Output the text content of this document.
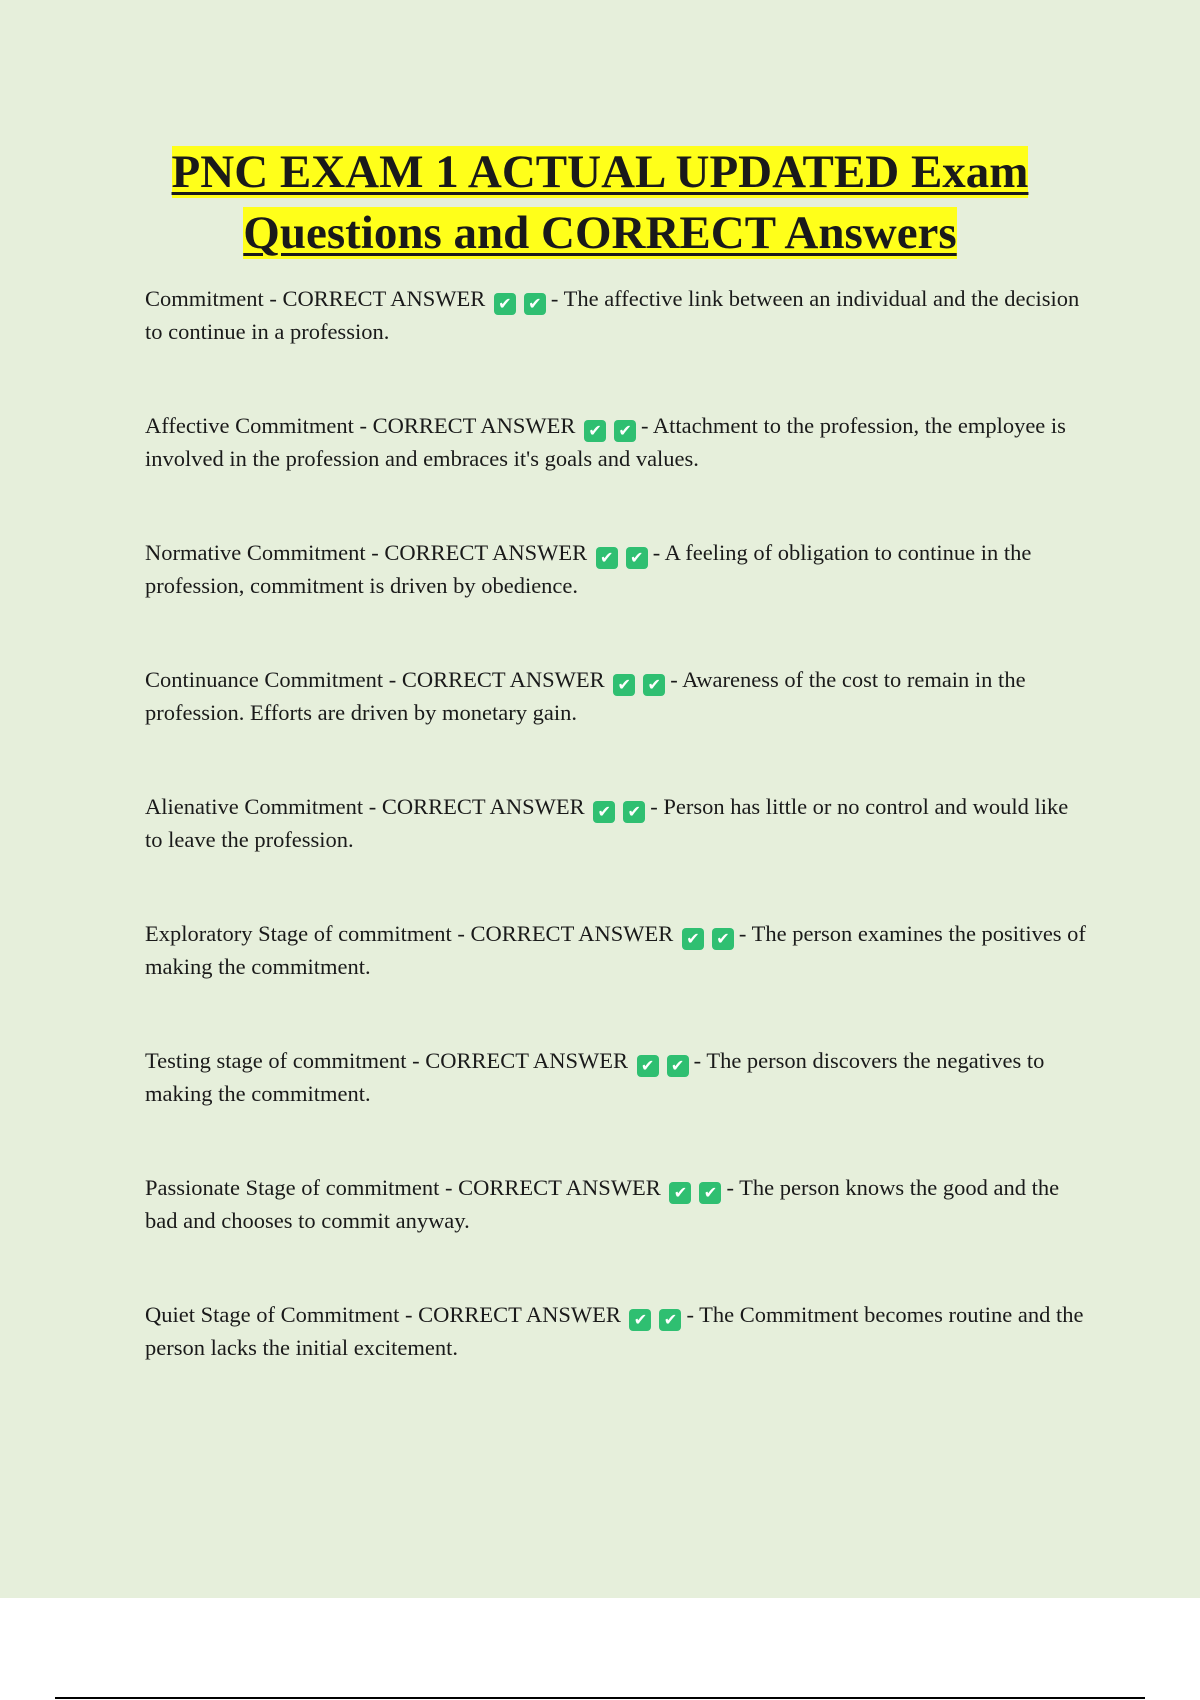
PNC EXAM 1 ACTUAL UPDATED Exam
Questions and CORRECT Answers

Commitment - CORRECT ANSWER ✔ ✔ - The affective link between an individual and the decision to continue in a profession.

Affective Commitment - CORRECT ANSWER ✔ ✔ - Attachment to the profession, the employee is involved in the profession and embraces it's goals and values.

Normative Commitment - CORRECT ANSWER ✔ ✔ - A feeling of obligation to continue in the profession, commitment is driven by obedience.

Continuance Commitment - CORRECT ANSWER ✔ ✔ - Awareness of the cost to remain in the profession. Efforts are driven by monetary gain.

Alienative Commitment - CORRECT ANSWER ✔ ✔ - Person has little or no control and would like to leave the profession.

Exploratory Stage of commitment - CORRECT ANSWER ✔ ✔ - The person examines the positives of making the commitment.

Testing stage of commitment - CORRECT ANSWER ✔ ✔ - The person discovers the negatives to making the commitment.

Passionate Stage of commitment - CORRECT ANSWER ✔ ✔ - The person knows the good and the bad and chooses to commit anyway.

Quiet Stage of Commitment - CORRECT ANSWER ✔ ✔ - The Commitment becomes routine and the person lacks the initial excitement.
